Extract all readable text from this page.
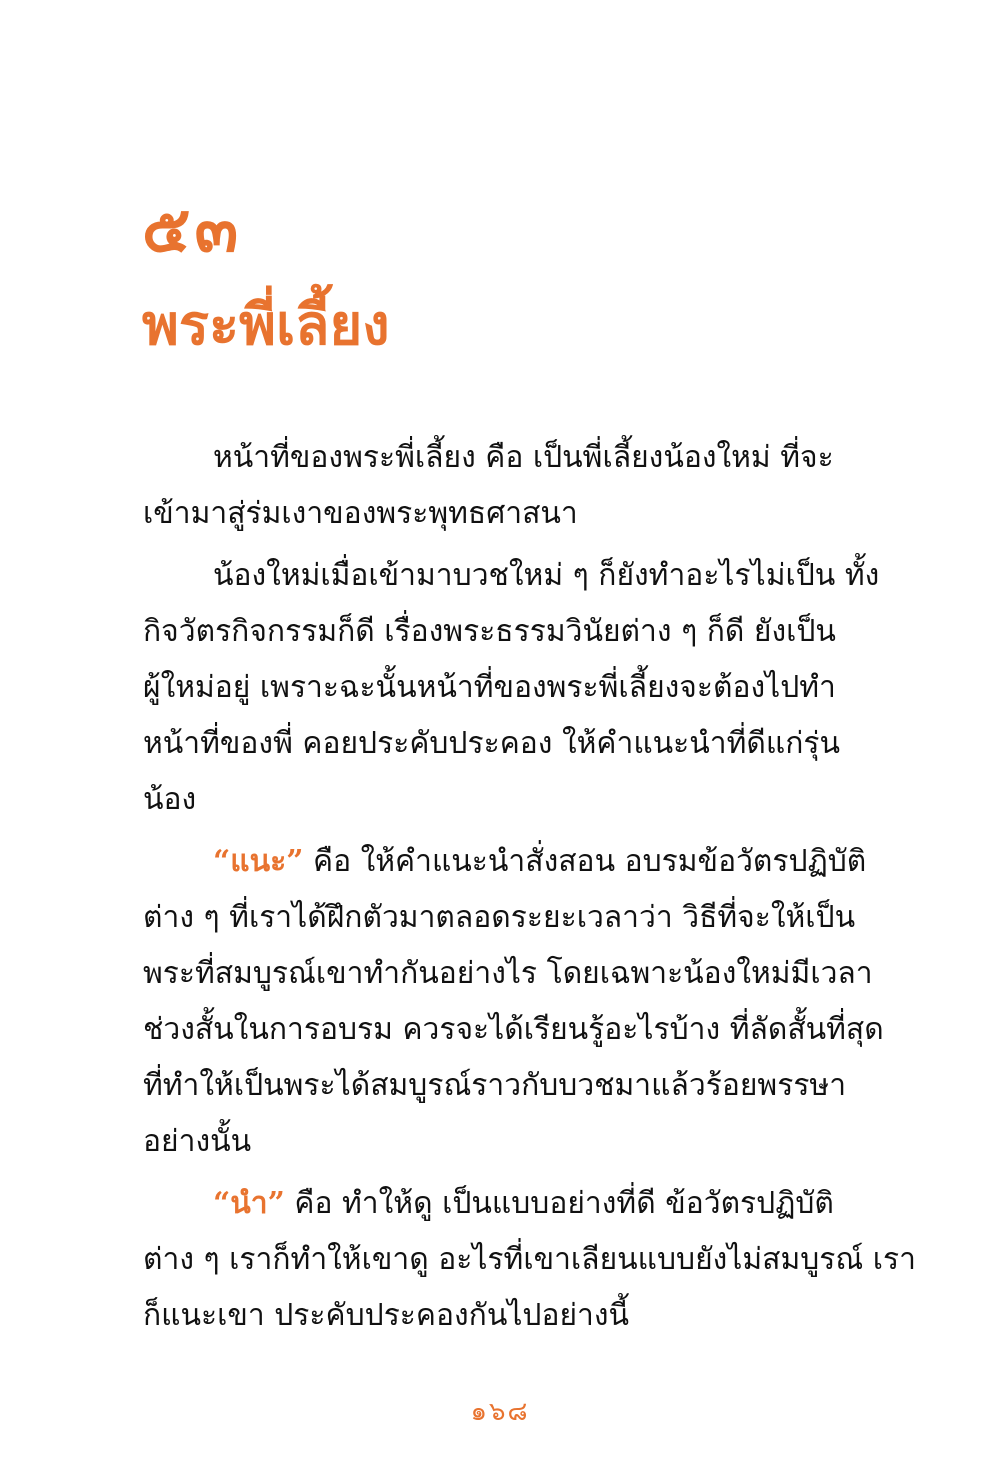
๕๓
พระพี่เลี้ยง
หน้าที่ของพระพี่เลี้ยง คือ เป็นพี่เลี้ยงน้องใหม่ ที่จะ
เข้ามาสู่ร่มเงาของพระพุทธศาสนา
น้องใหม่เมื่อเข้ามาบวชใหม่ ๆ ก็ยังทำอะไรไม่เป็น ทั้ง
กิจวัตรกิจกรรมก็ดี เรื่องพระธรรมวินัยต่าง ๆ ก็ดี ยังเป็น
ผู้ใหม่อยู่ เพราะฉะนั้นหน้าที่ของพระพี่เลี้ยงจะต้องไปทำ
หน้าที่ของพี่ คอยประคับประคอง ให้คำแนะนำที่ดีแก่รุ่น
น้อง
“แนะ” คือ ให้คำแนะนำสั่งสอน อบรมข้อวัตรปฏิบัติ
ต่าง ๆ ที่เราได้ฝึกตัวมาตลอดระยะเวลาว่า วิธีที่จะให้เป็น
พระที่สมบูรณ์เขาทำกันอย่างไร โดยเฉพาะน้องใหม่มีเวลา
ช่วงสั้นในการอบรม ควรจะได้เรียนรู้อะไรบ้าง ที่ลัดสั้นที่สุด
ที่ทำให้เป็นพระได้สมบูรณ์ราวกับบวชมาแล้วร้อยพรรษา
อย่างนั้น
“นำ” คือ ทำให้ดู เป็นแบบอย่างที่ดี ข้อวัตรปฏิบัติ
ต่าง ๆ เราก็ทำให้เขาดู อะไรที่เขาเลียนแบบยังไม่สมบูรณ์ เรา
ก็แนะเขา ประคับประคองกันไปอย่างนี้
๑๖๘
